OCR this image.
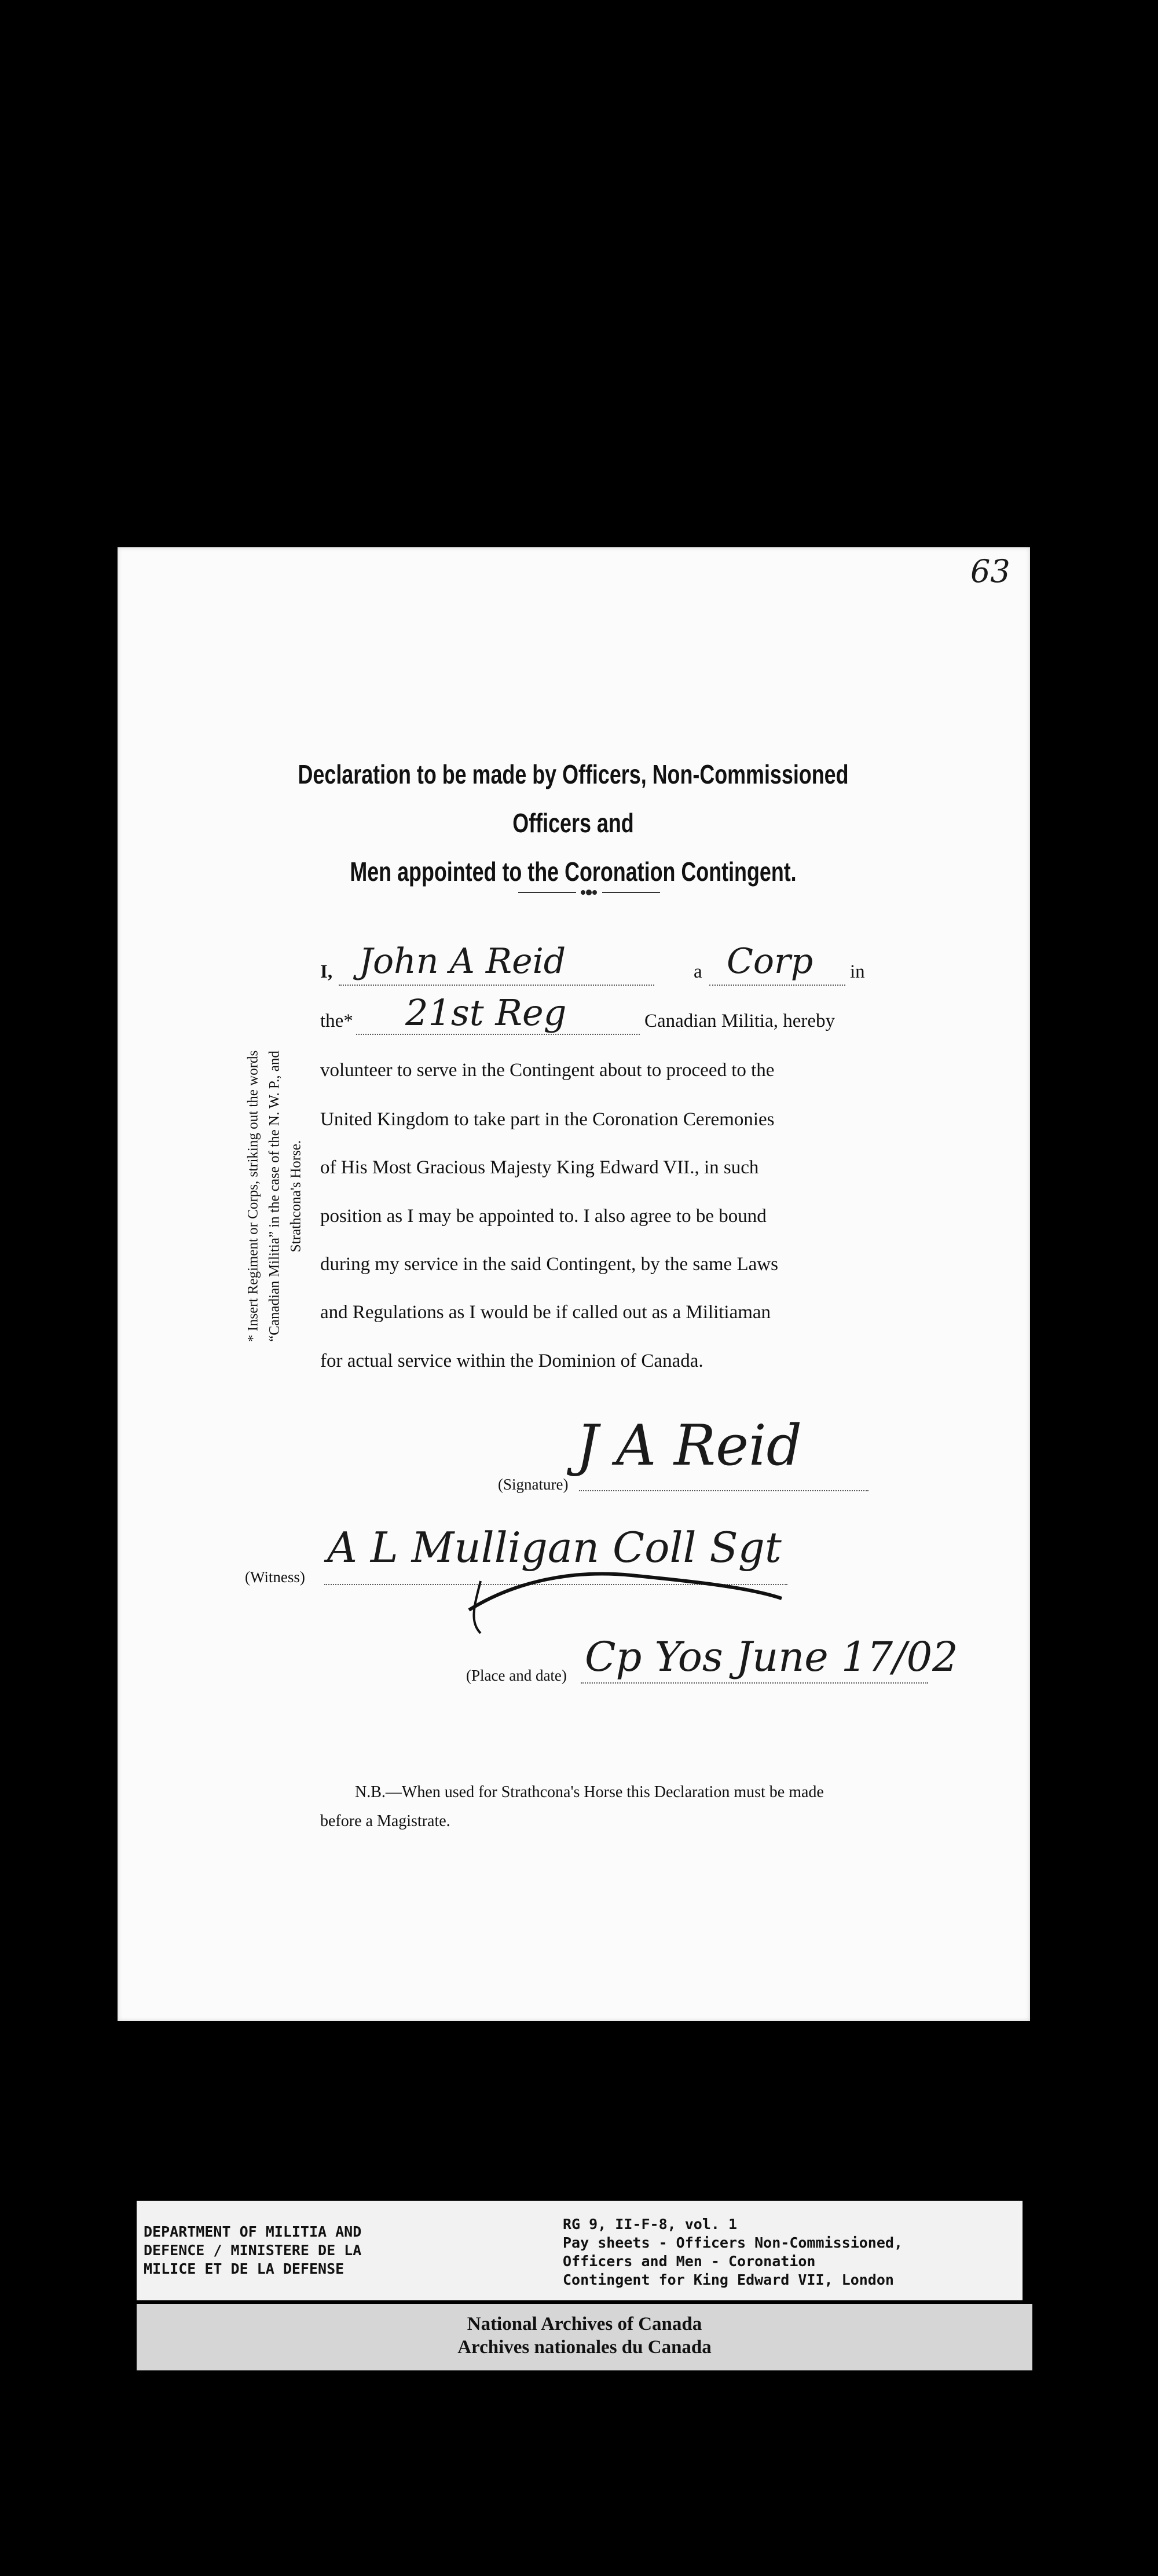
63
Declaration to be made by Officers, Non-Commissioned Officers and
Men appointed to the Coronation Contingent.
* Insert Regiment or Corps, striking out the words “Canadian Militia” in the case of the N. W. P., and Strathcona's Horse.
I,	a	in
John A Reid	Corp
the*	Canadian Militia, hereby
21st Reg
volunteer to serve in the Contingent about to proceed to the
United Kingdom to take part in the Coronation Ceremonies
of His Most Gracious Majesty King Edward VII., in such
position as I may be appointed to. I also agree to be bound
during my service in the said Contingent, by the same Laws
and Regulations as I would be if called out as a Militiaman
for actual service within the Dominion of Canada.
(Signature)
J A Reid
(Witness)
A L Mulligan Coll Sgt
(Place and date) Cp Yos June 17/02

N.B.—When used for Strathcona's Horse this Declaration must be made

before a Magistrate.

DEPARTMENT OF MILITIA AND
DEFENCE / MINISTERE DE LA
MILICE ET DE LA DEFENSE
RG 9, II-F-8, vol. 1
Pay sheets - Officers Non-Commissioned,
Officers and Men - Coronation
Contingent for King Edward VII, London
National Archives of Canada
Archives nationales du Canada
